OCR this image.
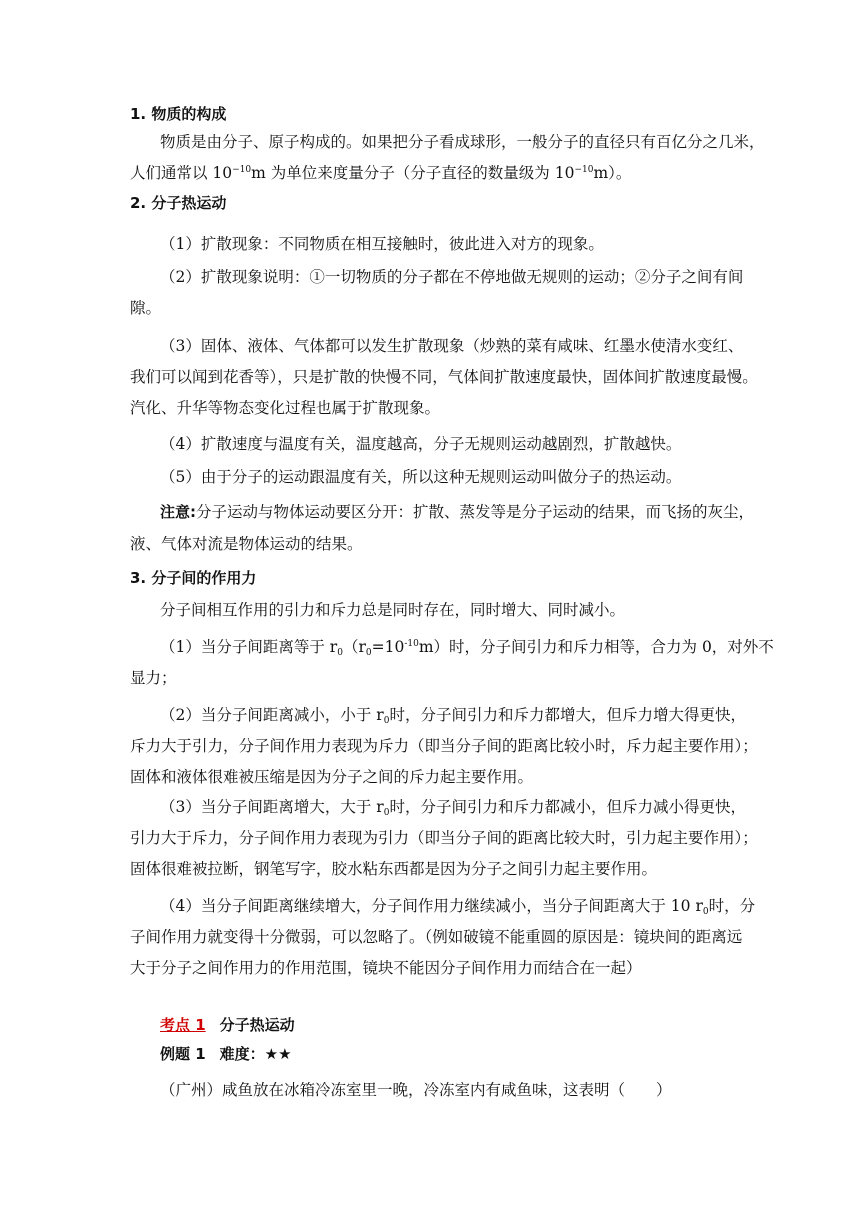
1. 物质的构成
物质是由分子、原子构成的。如果把分子看成球形，一般分子的直径只有百亿分之几米，
人们通常以 $10^{-10}m$ 为单位来度量分子（分子直径的数量级为 $10^{-10}m$）。
2. 分子热运动
（1）扩散现象：不同物质在相互接触时，彼此进入对方的现象。
（2）扩散现象说明：①一切物质的分子都在不停地做无规则的运动；②分子之间有间
隙。
（3）固体、液体、气体都可以发生扩散现象（炒熟的菜有咸味、红墨水使清水变红、
我们可以闻到花香等），只是扩散的快慢不同，气体间扩散速度最快，固体间扩散速度最慢。
汽化、升华等物态变化过程也属于扩散现象。
（4）扩散速度与温度有关，温度越高，分子无规则运动越剧烈，扩散越快。
（5）由于分子的运动跟温度有关，所以这种无规则运动叫做分子的热运动。
注意:分子运动与物体运动要区分开：扩散、蒸发等是分子运动的结果，而飞扬的灰尘，
液、气体对流是物体运动的结果。
3. 分子间的作用力
分子间相互作用的引力和斥力总是同时存在，同时增大、同时减小。
（1）当分子间距离等于 $r_0(r_0=10^{-10}m)$时，分子间引力和斥力相等，合力为 0，对外不
显力；
（2）当分子间距离减小，小于 $r_0$时，分子间引力和斥力都增大，但斥力增大得更快，
斥力大于引力，分子间作用力表现为斥力（即当分子间的距离比较小时，斥力起主要作用）；
固体和液体很难被压缩是因为分子之间的斥力起主要作用。
（3）当分子间距离增大，大于 $r_0$时，分子间引力和斥力都减小，但斥力减小得更快，
引力大于斥力，分子间作用力表现为引力（即当分子间的距离比较大时，引力起主要作用）；
固体很难被拉断，钢笔写字，胶水粘东西都是因为分子之间引力起主要作用。
（4）当分子间距离继续增大，分子间作用力继续减小，当分子间距离大于 10 $r_0$时，分
子间作用力就变得十分微弱，可以忽略了。（例如破镜不能重圆的原因是：镜块间的距离远
大于分子之间作用力的作用范围，镜块不能因分子间作用力而结合在一起）
考点 1 分子热运动
例题 1 难度：★★
（广州）咸鱼放在冰箱冷冻室里一晚，冷冻室内有咸鱼味，这表明（　　）
